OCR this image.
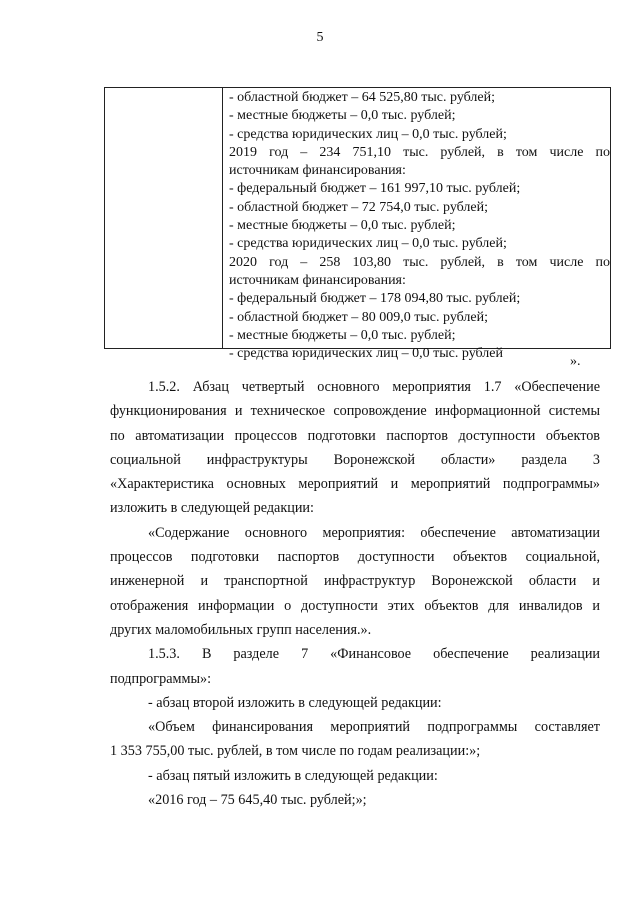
5
- областной бюджет – 64 525,80 тыс. рублей;
- местные бюджеты – 0,0 тыс. рублей;
- средства юридических лиц – 0,0 тыс. рублей;
2019 год – 234 751,10 тыс. рублей, в том числе по
источникам финансирования:
- федеральный бюджет – 161 997,10 тыс. рублей;
- областной бюджет – 72 754,0 тыс. рублей;
- местные бюджеты – 0,0 тыс. рублей;
- средства юридических лиц – 0,0 тыс. рублей;
2020 год – 258 103,80 тыс. рублей, в том числе по
источникам финансирования:
- федеральный бюджет – 178 094,80 тыс. рублей;
- областной бюджет – 80 009,0 тыс. рублей;
- местные бюджеты – 0,0 тыс. рублей;
- средства юридических лиц – 0,0 тыс. рублей
».
1.5.2. Абзац четвертый основного мероприятия 1.7 «Обеспечение
функционирования и техническое сопровождение информационной системы
по автоматизации процессов подготовки паспортов доступности объектов
социальной инфраструктуры Воронежской области» раздела 3
«Характеристика основных мероприятий и мероприятий подпрограммы»
изложить в следующей редакции:
«Содержание основного мероприятия: обеспечение автоматизации
процессов подготовки паспортов доступности объектов социальной,
инженерной и транспортной инфраструктур Воронежской области и
отображения информации о доступности этих объектов для инвалидов и
других маломобильных групп населения.».
1.5.3. В разделе 7 «Финансовое обеспечение реализации
подпрограммы»:
- абзац второй изложить в следующей редакции:
«Объем финансирования мероприятий подпрограммы составляет
1 353 755,00 тыс. рублей, в том числе по годам реализации:»;
- абзац пятый изложить в следующей редакции:
«2016 год – 75 645,40 тыс. рублей;»;
